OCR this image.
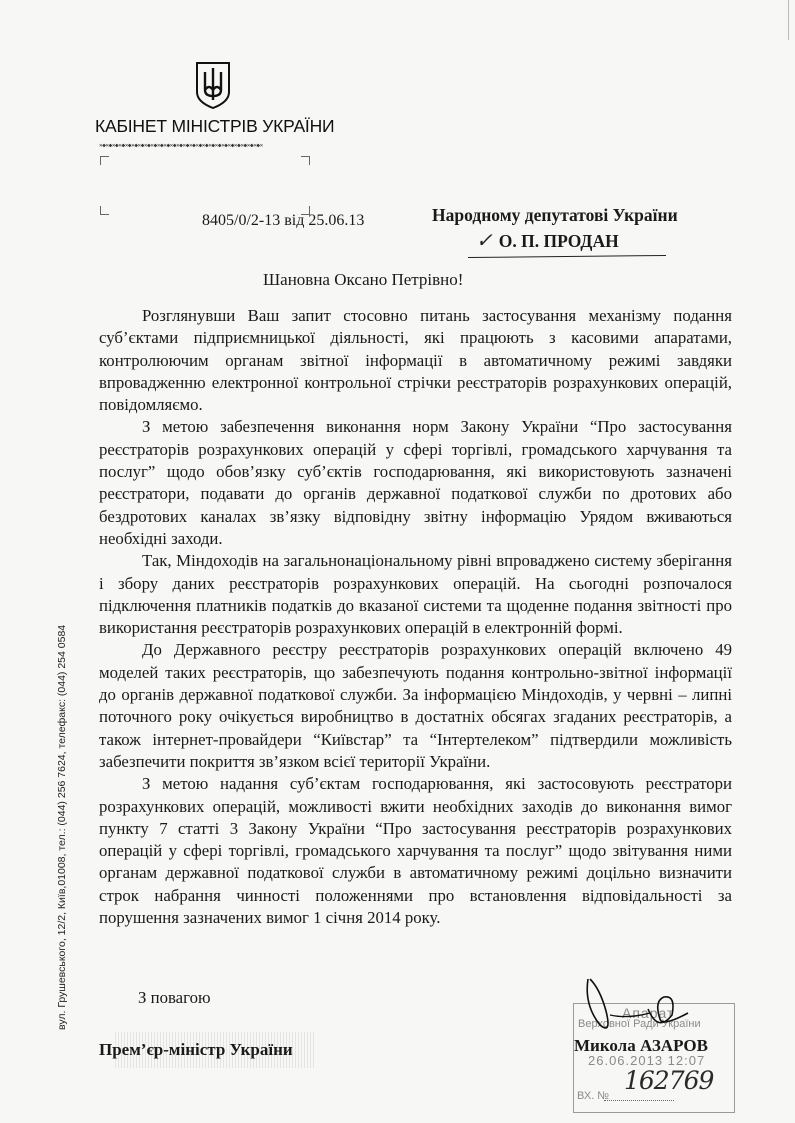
КАБІНЕТ МІНІСТРІВ УКРАЇНИ
✕◆✕◆✕◆✕◆✕◆✕◆✕◆✕◆✕◆✕◆✕◆✕◆✕◆✕◆✕◆✕◆✕◆✕◆✕◆✕◆✕◆✕◆✕◆✕◆✕◆✕
8405/0/2-13 від 25.06.13	Народному депутатові України
✓ О. П. ПРОДАН
Шановна Оксано Петрівно!

Розглянувши Ваш запит стосовно питань застосування механізму подання суб’єктами підприємницької діяльності, які працюють з касовими апаратами, контролюючим органам звітної інформації в автоматичному режимі завдяки впровадженню електронної контрольної стрічки реєстраторів розрахункових операцій, повідомляємо.

З метою забезпечення виконання норм Закону України “Про застосування реєстраторів розрахункових операцій у сфері торгівлі, громадського харчування та послуг” щодо обов’язку суб’єктів господарювання, які використовують зазначені реєстратори, подавати до органів державної податкової служби по дротових або бездротових каналах зв’язку відповідну звітну інформацію Урядом вживаються необхідні заходи.

Так, Міндоходів на загальнонаціональному рівні впроваджено систему зберігання і збору даних реєстраторів розрахункових операцій. На сьогодні розпочалося підключення платників податків до вказаної системи та щоденне подання звітності про використання реєстраторів розрахункових операцій в електронній формі.

До Державного реєстру реєстраторів розрахункових операцій включено 49 моделей таких реєстраторів, що забезпечують подання контрольно-звітної інформації до органів державної податкової служби. За інформацією Міндоходів, у червні – липні поточного року очікується виробництво в достатніх обсягах згаданих реєстраторів, а також інтернет-провайдери “Київстар” та “Інтертелеком” підтвердили можливість забезпечити покриття зв’язком всієї території України.

З метою надання суб’єктам господарювання, які застосовують реєстратори розрахункових операцій, можливості вжити необхідних заходів до виконання вимог пункту 7 статті 3 Закону України “Про застосування реєстраторів розрахункових операцій у сфері торгівлі, громадського харчування та послуг” щодо звітування ними органам державної податкової служби в автоматичному режимі доцільно визначити строк набрання чинності положеннями про встановлення відповідальності за порушення зазначених вимог 1 січня 2014 року.

вул. Грушевського, 12/2, Київ,01008, тел.: (044) 256 7624, телефакс: (044) 254 0584	З повагою
Прем’єр-міністр України
Апарат
Верховної Ради України
26.06.2013 12:07
162769
ВХ. №
Микола АЗАРОВ
